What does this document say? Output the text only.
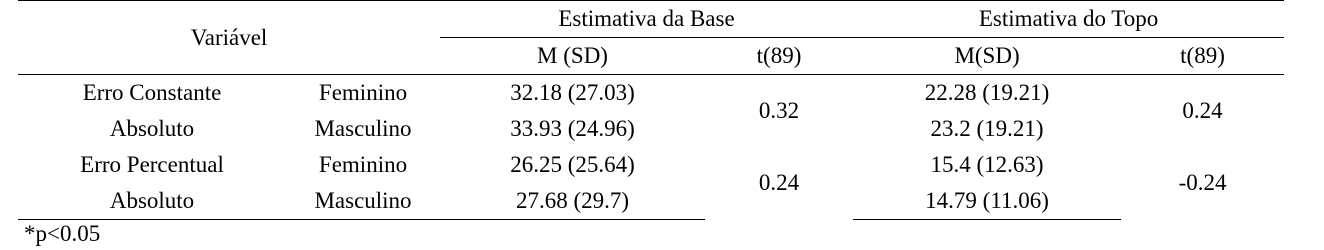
Variável		Estimativa da Base		Estimativa do Topo	
		M (SD)	t(89)	M(SD)	t(89)
Erro Constante	Feminino	32.18 (27.03)	0.32	22.28 (19.21)	0.24
Absoluto	Masculino	33.93 (24.96)		23.2 (19.21)	
Erro Percentual	Feminino	26.25 (25.64)	0.24	15.4 (12.63)	-0.24
Absoluto	Masculino	27.68 (29.7)		14.79 (11.06)	
*p<0.05
